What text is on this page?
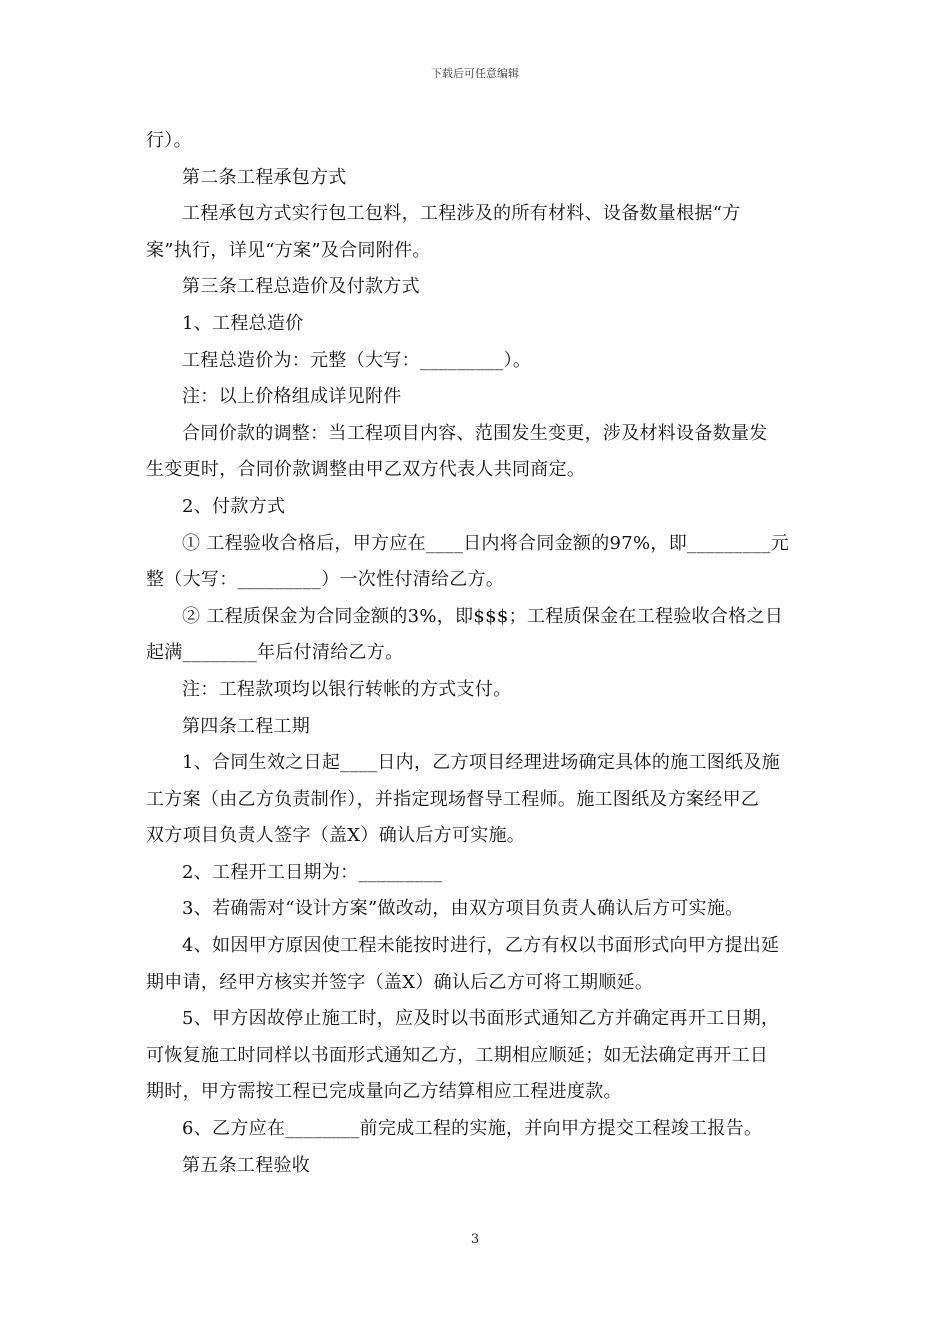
下载后可任意编辑
行）。
第二条工程承包方式
工程承包方式实行包工包料，工程涉及的所有材料、设备数量根据“方
案”执行，详见“方案”及合同附件。
第三条工程总造价及付款方式
1、工程总造价
工程总造价为：元整（大写：_________）。
注：以上价格组成详见附件
合同价款的调整：当工程项目内容、范围发生变更，涉及材料设备数量发
生变更时，合同价款调整由甲乙双方代表人共同商定。
2、付款方式
① 工程验收合格后，甲方应在____日内将合同金额的97%，即_________元
整（大写：_________）一次性付清给乙方。
② 工程质保金为合同金额的3%，即$$$；工程质保金在工程验收合格之日
起满________年后付清给乙方。
注：工程款项均以银行转帐的方式支付。
第四条工程工期
1、合同生效之日起____日内，乙方项目经理进场确定具体的施工图纸及施
工方案（由乙方负责制作），并指定现场督导工程师。施工图纸及方案经甲乙
双方项目负责人签字（盖X）确认后方可实施。
2、工程开工日期为：_________
3、若确需对“设计方案”做改动，由双方项目负责人确认后方可实施。
4、如因甲方原因使工程未能按时进行，乙方有权以书面形式向甲方提出延
期申请，经甲方核实并签字（盖X）确认后乙方可将工期顺延。
5、甲方因故停止施工时，应及时以书面形式通知乙方并确定再开工日期，
可恢复施工时同样以书面形式通知乙方，工期相应顺延；如无法确定再开工日
期时，甲方需按工程已完成量向乙方结算相应工程进度款。
6、乙方应在________前完成工程的实施，并向甲方提交工程竣工报告。
第五条工程验收
3
